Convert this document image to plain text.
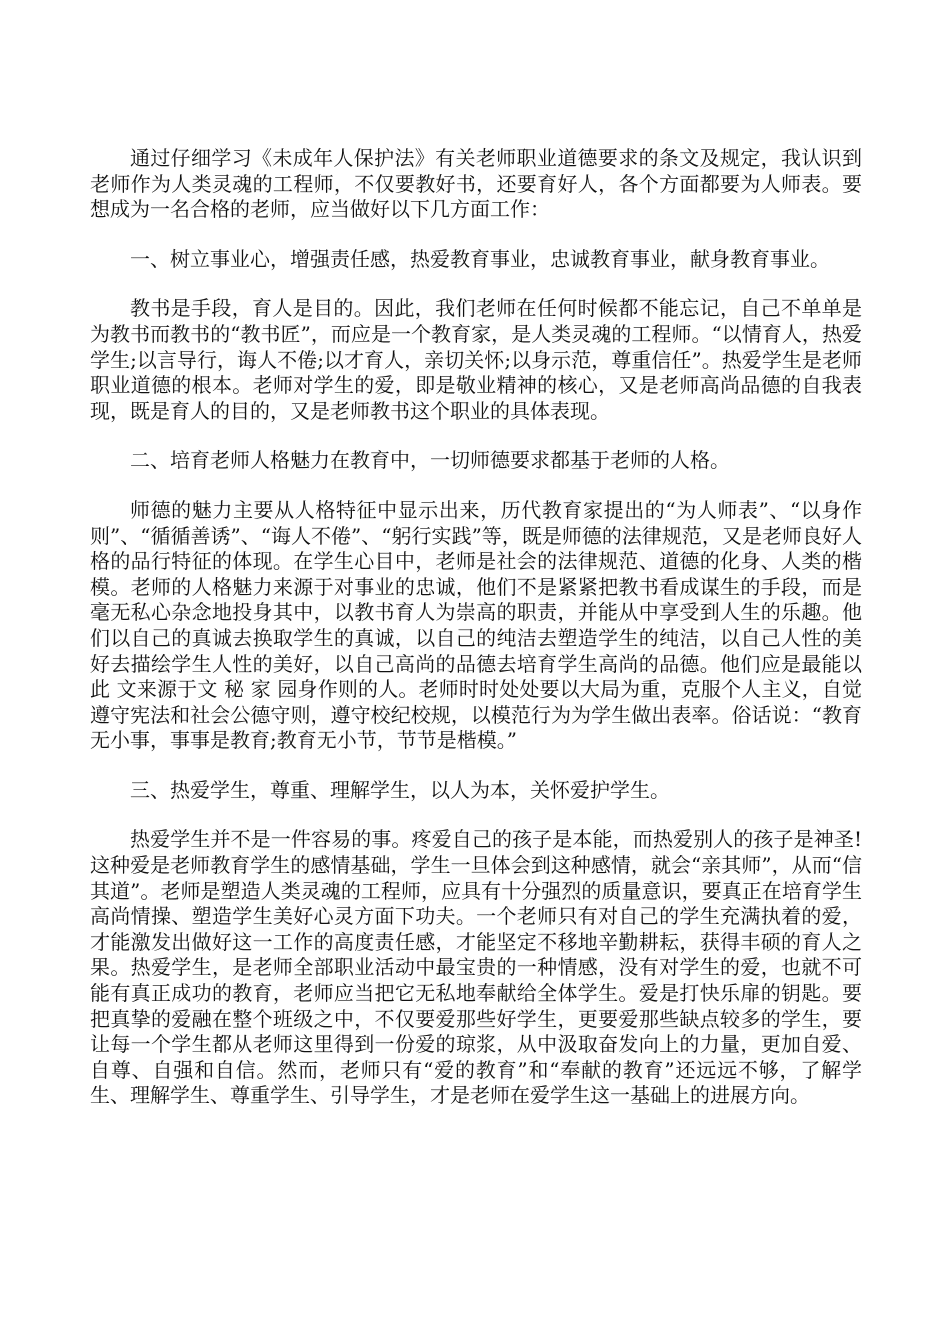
通过仔细学习《未成年人保护法》有关老师职业道德要求的条文及规定，我认识到老师作为人类灵魂的工程师，不仅要教好书，还要育好人，各个方面都要为人师表。要想成为一名合格的老师，应当做好以下几方面工作：

一、树立事业心，增强责任感，热爱教育事业，忠诚教育事业，献身教育事业。

教书是手段，育人是目的。因此，我们老师在任何时候都不能忘记，自己不单单是为教书而教书的“教书匠”，而应是一个教育家，是人类灵魂的工程师。“以情育人，热爱学生;以言导行，诲人不倦;以才育人，亲切关怀;以身示范，尊重信任”。热爱学生是老师职业道德的根本。老师对学生的爱，即是敬业精神的核心，又是老师高尚品德的自我表现，既是育人的目的，又是老师教书这个职业的具体表现。

二、培育老师人格魅力在教育中，一切师德要求都基于老师的人格。

师德的魅力主要从人格特征中显示出来，历代教育家提出的“为人师表”、“以身作则”、“循循善诱”、“诲人不倦”、“躬行实践”等，既是师德的法律规范，又是老师良好人格的品行特征的体现。在学生心目中，老师是社会的法律规范、道德的化身、人类的楷模。老师的人格魅力来源于对事业的忠诚，他们不是紧紧把教书看成谋生的手段，而是毫无私心杂念地投身其中，以教书育人为崇高的职责，并能从中享受到人生的乐趣。他们以自己的真诚去换取学生的真诚，以自己的纯洁去塑造学生的纯洁，以自己人性的美好去描绘学生人性的美好，以自己高尚的品德去培育学生高尚的品德。他们应是最能以此 文来源于文 秘 家 园身作则的人。老师时时处处要以大局为重，克服个人主义，自觉遵守宪法和社会公德守则，遵守校纪校规，以模范行为为学生做出表率。俗话说：“教育无小事，事事是教育;教育无小节，节节是楷模。”

三、热爱学生，尊重、理解学生，以人为本，关怀爱护学生。

热爱学生并不是一件容易的事。疼爱自己的孩子是本能，而热爱别人的孩子是神圣!这种爱是老师教育学生的感情基础，学生一旦体会到这种感情，就会“亲其师”，从而“信其道”。老师是塑造人类灵魂的工程师，应具有十分强烈的质量意识，要真正在培育学生高尚情操、塑造学生美好心灵方面下功夫。一个老师只有对自己的学生充满执着的爱，才能激发出做好这一工作的高度责任感，才能坚定不移地辛勤耕耘，获得丰硕的育人之果。热爱学生，是老师全部职业活动中最宝贵的一种情感，没有对学生的爱，也就不可能有真正成功的教育，老师应当把它无私地奉献给全体学生。爱是打快乐扉的钥匙。要把真挚的爱融在整个班级之中，不仅要爱那些好学生，更要爱那些缺点较多的学生，要让每一个学生都从老师这里得到一份爱的琼浆，从中汲取奋发向上的力量，更加自爱、自尊、自强和自信。然而，老师只有“爱的教育”和“奉献的教育”还远远不够，了解学生、理解学生、尊重学生、引导学生，才是老师在爱学生这一基础上的进展方向。
